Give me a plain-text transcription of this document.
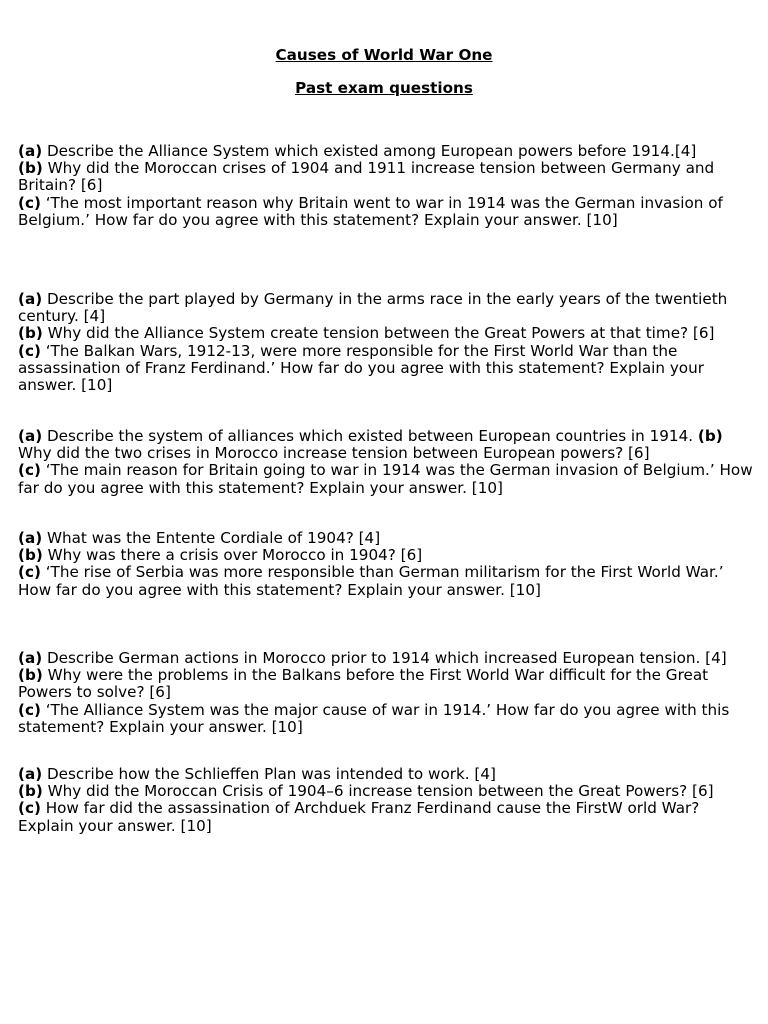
Causes of World War One
Past exam questions
(a) Describe the Alliance System which existed among European powers before 1914.[4]
(b) Why did the Moroccan crises of 1904 and 1911 increase tension between Germany and Britain? [6]
(c) ‘The most important reason why Britain went to war in 1914 was the German invasion of Belgium.’ How far do you agree with this statement? Explain your answer. [10]
(a) Describe the part played by Germany in the arms race in the early years of the twentieth century. [4]
(b) Why did the Alliance System create tension between the Great Powers at that time? [6]
(c) ‘The Balkan Wars, 1912-13, were more responsible for the First World War than the assassination of Franz Ferdinand.’ How far do you agree with this statement? Explain your answer. [10]
(a) Describe the system of alliances which existed between European countries in 1914. (b)
Why did the two crises in Morocco increase tension between European powers? [6]
(c) ‘The main reason for Britain going to war in 1914 was the German invasion of Belgium.’ How far do you agree with this statement? Explain your answer. [10]
(a) What was the Entente Cordiale of 1904? [4]
(b) Why was there a crisis over Morocco in 1904? [6]
(c) ‘The rise of Serbia was more responsible than German militarism for the First World War.’ How far do you agree with this statement? Explain your answer. [10]
(a) Describe German actions in Morocco prior to 1914 which increased European tension. [4]
(b) Why were the problems in the Balkans before the First World War difficult for the Great Powers to solve? [6]
(c) ‘The Alliance System was the major cause of war in 1914.’ How far do you agree with this statement? Explain your answer. [10]
(a) Describe how the Schlieffen Plan was intended to work. [4]
(b) Why did the Moroccan Crisis of 1904–6 increase tension between the Great Powers? [6]
(c) How far did the assassination of Archduek Franz Ferdinand cause the FirstW orld War? Explain your answer. [10]
